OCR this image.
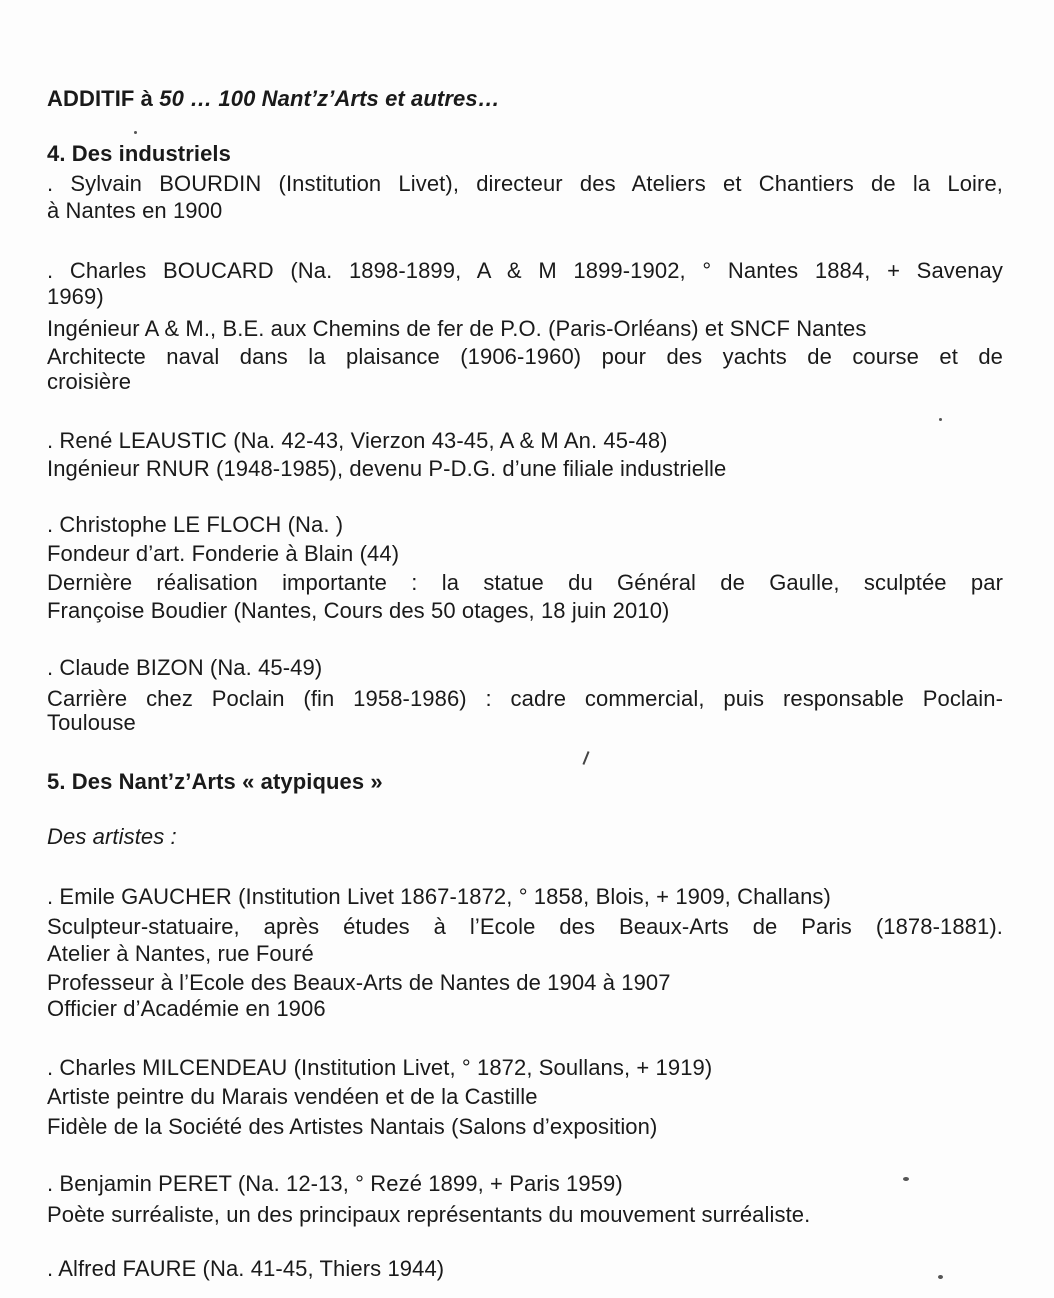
ADDITIF à 50 … 100 Nant’z’Arts et autres…
4. Des industriels
. Sylvain BOURDIN (Institution Livet), directeur des Ateliers et Chantiers de la Loire,
à Nantes en 1900
. Charles BOUCARD (Na. 1898-1899, A & M 1899-1902, ° Nantes 1884, + Savenay
1969)
Ingénieur A & M., B.E. aux Chemins de fer de P.O. (Paris-Orléans) et SNCF Nantes
Architecte naval dans la plaisance (1906-1960) pour des yachts de course et de
croisière
. René LEAUSTIC (Na. 42-43, Vierzon 43-45, A & M An. 45-48)
Ingénieur RNUR (1948-1985), devenu P-D.G. d’une filiale industrielle
. Christophe LE FLOCH (Na. )
Fondeur d’art. Fonderie à Blain (44)
Dernière réalisation importante : la statue du Général de Gaulle, sculptée par
Françoise Boudier (Nantes, Cours des 50 otages, 18 juin 2010)
. Claude BIZON (Na. 45-49)
Carrière chez Poclain (fin 1958-1986) : cadre commercial, puis responsable Poclain-
Toulouse
5. Des Nant’z’Arts « atypiques »
Des artistes :
. Emile GAUCHER (Institution Livet 1867-1872, ° 1858, Blois, + 1909, Challans)
Sculpteur-statuaire, après études à l’Ecole des Beaux-Arts de Paris (1878-1881).
Atelier à Nantes, rue Fouré
Professeur à l’Ecole des Beaux-Arts de Nantes de 1904 à 1907
Officier d’Académie en 1906
. Charles MILCENDEAU (Institution Livet, ° 1872, Soullans, + 1919)
Artiste peintre du Marais vendéen et de la Castille
Fidèle de la Société des Artistes Nantais (Salons d’exposition)
. Benjamin PERET (Na. 12-13, ° Rezé 1899, + Paris 1959)
Poète surréaliste, un des principaux représentants du mouvement surréaliste.
. Alfred FAURE (Na. 41-45, Thiers 1944)
